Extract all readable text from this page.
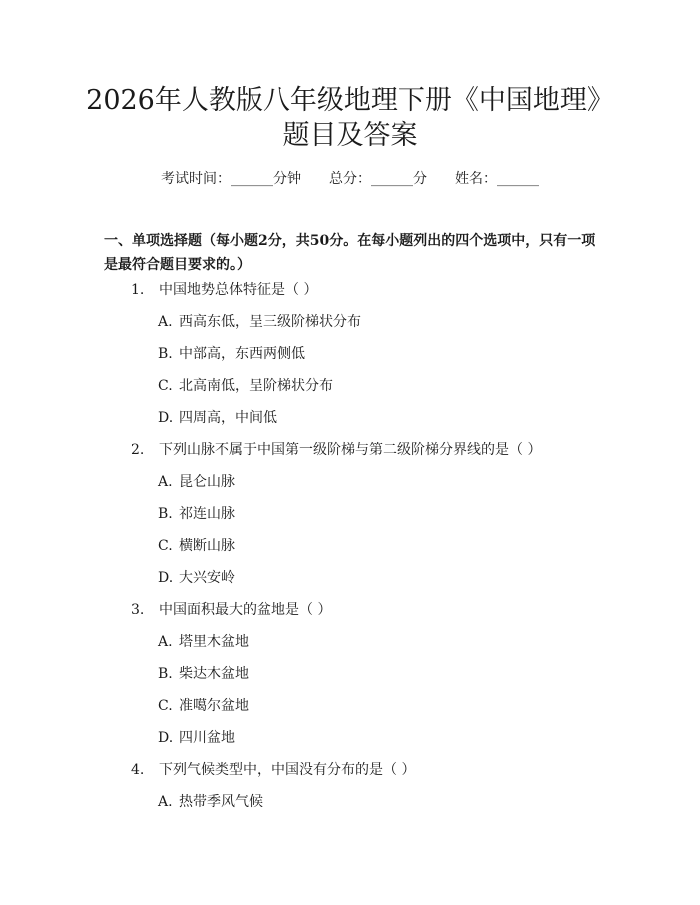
2026年人教版八年级地理下册《中国地理》
题目及答案
考试时间：______分钟 总分：______分 姓名：______

一、单项选择题（每小题2分，共50分。在每小题列出的四个选项中，只有一项是最符合题目要求的。）

1. 中国地势总体特征是（ ）
A. 西高东低，呈三级阶梯状分布
B. 中部高，东西两侧低
C. 北高南低，呈阶梯状分布
D. 四周高，中间低
2. 下列山脉不属于中国第一级阶梯与第二级阶梯分界线的是（ ）
A. 昆仑山脉
B. 祁连山脉
C. 横断山脉
D. 大兴安岭
3. 中国面积最大的盆地是（ ）
A. 塔里木盆地
B. 柴达木盆地
C. 准噶尔盆地
D. 四川盆地
4. 下列气候类型中，中国没有分布的是（ ）
A. 热带季风气候
